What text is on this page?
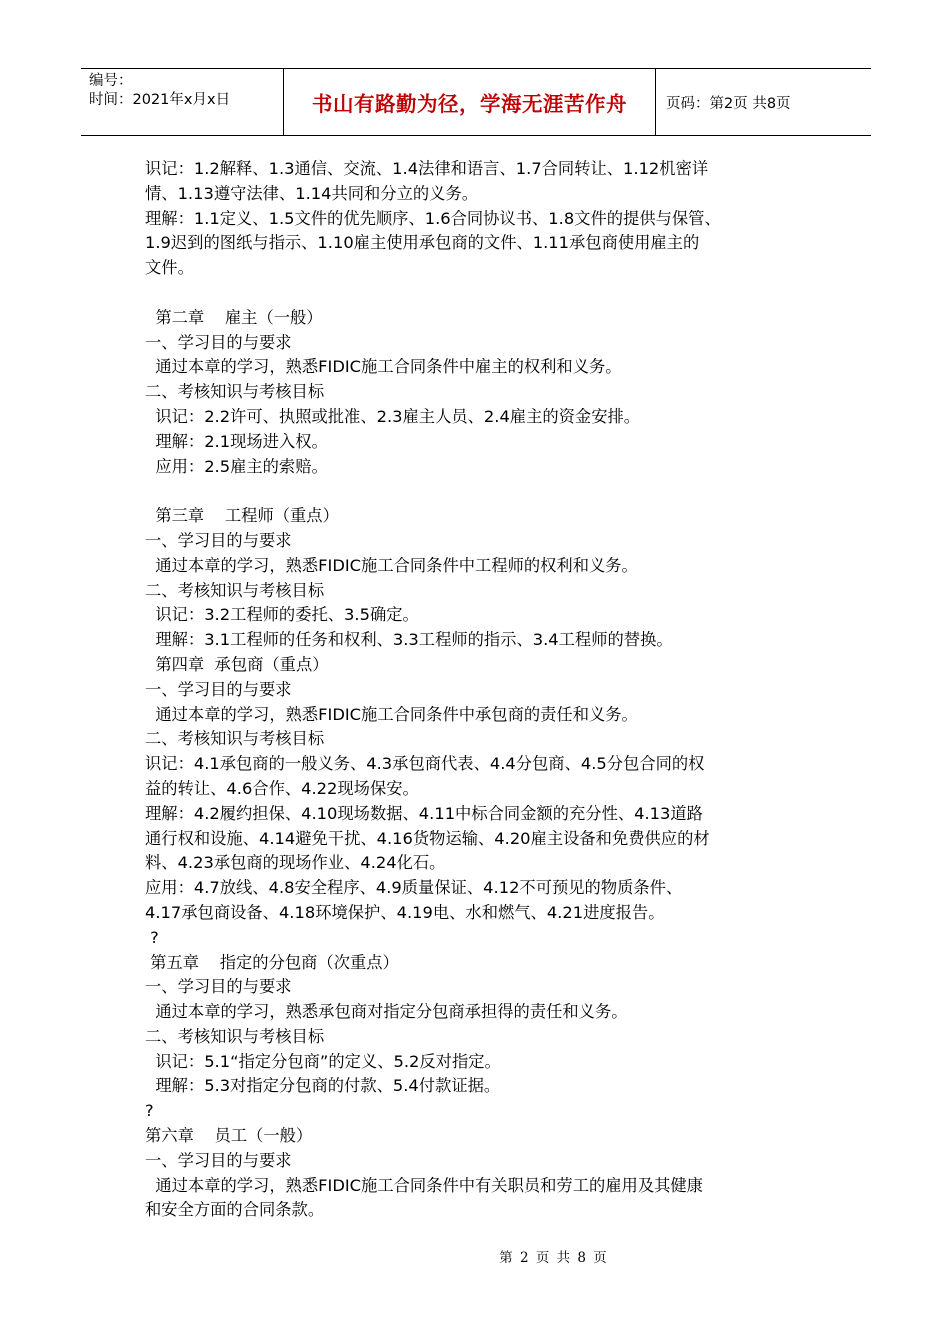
编号：
时间：2021年x月x日	书山有路勤为径，学海无涯苦作舟	页码：第2页 共8页
识记：1.2解释、1.3通信、交流、1.4法律和语言、1.7合同转让、1.12机密详
情、1.13遵守法律、1.14共同和分立的义务。
理解：1.1定义、1.5文件的优先顺序、1.6合同协议书、1.8文件的提供与保管、
1.9迟到的图纸与指示、1.10雇主使用承包商的文件、1.11承包商使用雇主的
文件。
第二章    雇主（一般）
一、学习目的与要求
通过本章的学习，熟悉FIDIC施工合同条件中雇主的权利和义务。
二、考核知识与考核目标
识记：2.2许可、执照或批准、2.3雇主人员、2.4雇主的资金安排。
理解：2.1现场进入权。
应用：2.5雇主的索赔。
第三章    工程师（重点）
一、学习目的与要求
通过本章的学习，熟悉FIDIC施工合同条件中工程师的权利和义务。
二、考核知识与考核目标
识记：3.2工程师的委托、3.5确定。
理解：3.1工程师的任务和权利、3.3工程师的指示、3.4工程师的替换。
第四章  承包商（重点）
一、学习目的与要求
通过本章的学习，熟悉FIDIC施工合同条件中承包商的责任和义务。
二、考核知识与考核目标
识记：4.1承包商的一般义务、4.3承包商代表、4.4分包商、4.5分包合同的权
益的转让、4.6合作、4.22现场保安。
理解：4.2履约担保、4.10现场数据、4.11中标合同金额的充分性、4.13道路
通行权和设施、4.14避免干扰、4.16货物运输、4.20雇主设备和免费供应的材
料、4.23承包商的现场作业、4.24化石。
应用：4.7放线、4.8安全程序、4.9质量保证、4.12不可预见的物质条件、
4.17承包商设备、4.18环境保护、4.19电、水和燃气、4.21进度报告。
?
第五章    指定的分包商（次重点）
一、学习目的与要求
通过本章的学习，熟悉承包商对指定分包商承担得的责任和义务。
二、考核知识与考核目标
识记：5.1“指定分包商”的定义、5.2反对指定。
理解：5.3对指定分包商的付款、5.4付款证据。
?
第六章    员工（一般）
一、学习目的与要求
通过本章的学习，熟悉FIDIC施工合同条件中有关职员和劳工的雇用及其健康
和安全方面的合同条款。
第 2 页 共 8 页
